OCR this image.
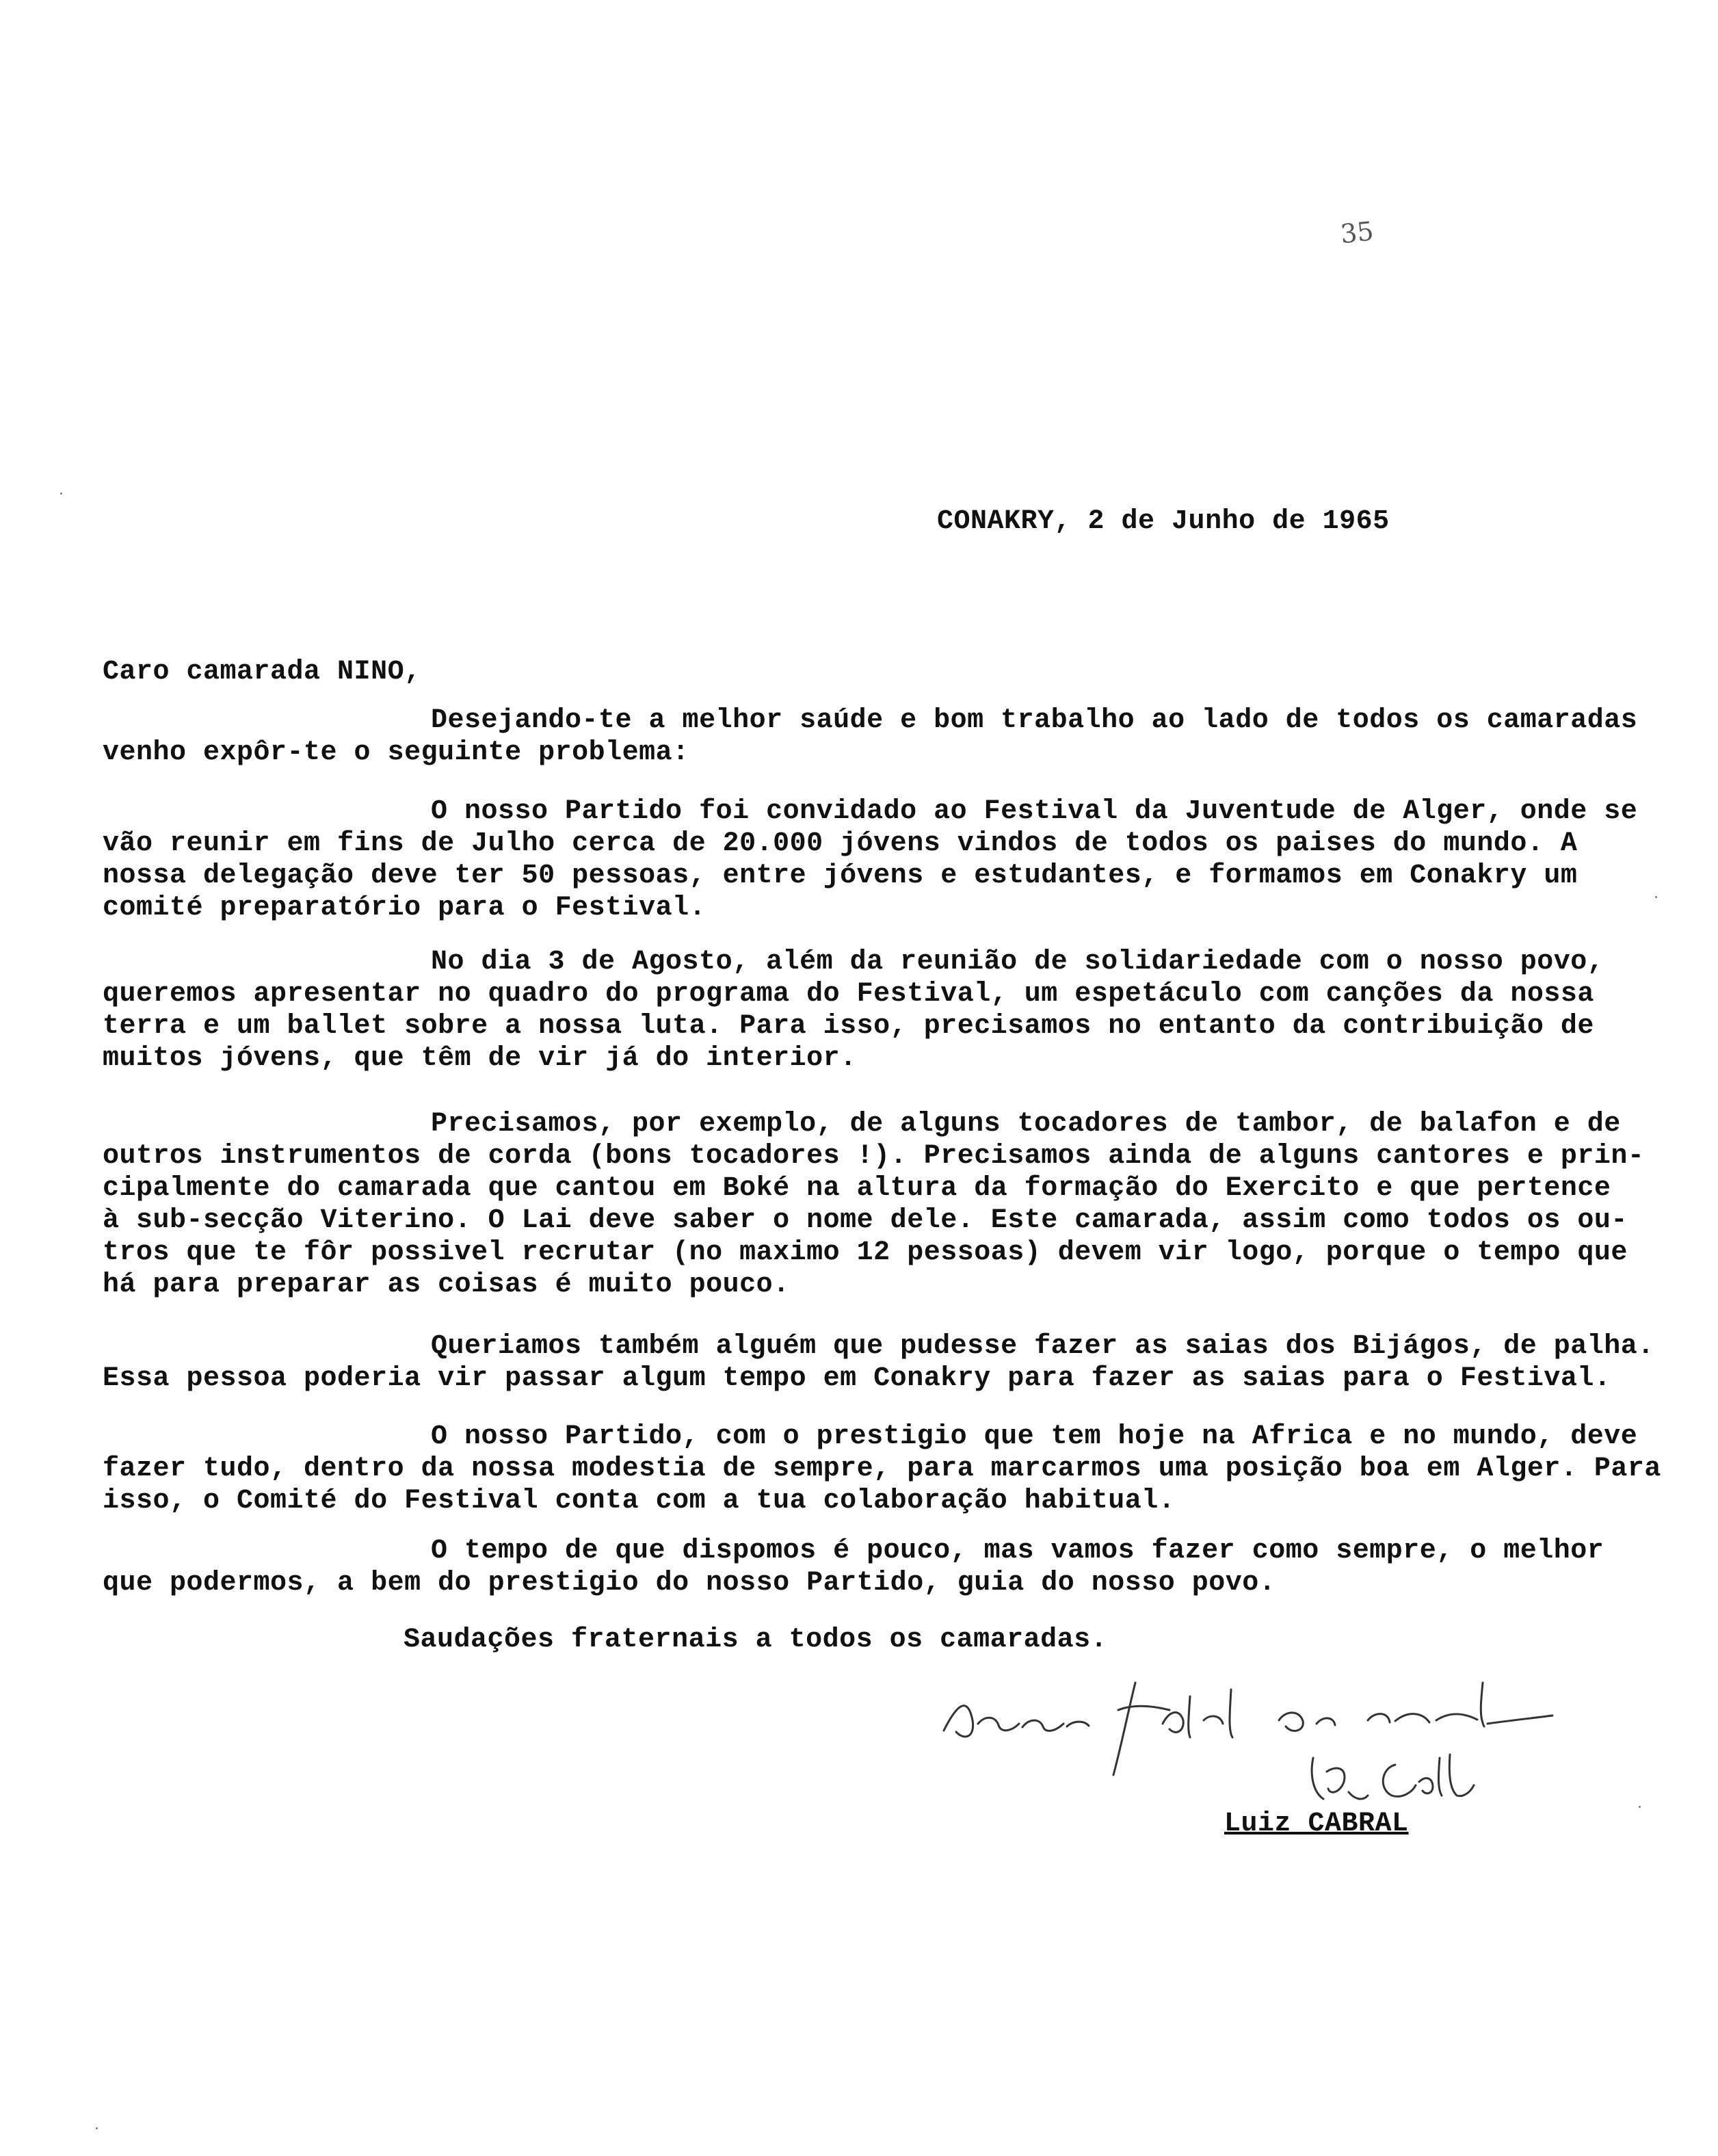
35
CONAKRY, 2 de Junho de 1965
Caro camarada NINO,
Desejando-te a melhor saúde e bom trabalho ao lado de todos os camaradas
venho expôr-te o seguinte problema:
O nosso Partido foi convidado ao Festival da Juventude de Alger, onde se
vão reunir em fins de Julho cerca de 20.000 jóvens vindos de todos os paises do mundo. A
nossa delegação deve ter 50 pessoas, entre jóvens e estudantes, e formamos em Conakry um
comité preparatório para o Festival.
No dia 3 de Agosto, além da reunião de solidariedade com o nosso povo,
queremos apresentar no quadro do programa do Festival, um espetáculo com canções da nossa
terra e um ballet sobre a nossa luta. Para isso, precisamos no entanto da contribuição de
muitos jóvens, que têm de vir já do interior.
Precisamos, por exemplo, de alguns tocadores de tambor, de balafon e de
outros instrumentos de corda (bons tocadores !). Precisamos ainda de alguns cantores e prin-
cipalmente do camarada que cantou em Boké na altura da formação do Exercito e que pertence
à sub-secção Viterino. O Lai deve saber o nome dele. Este camarada, assim como todos os ou-
tros que te fôr possivel recrutar (no maximo 12 pessoas) devem vir logo, porque o tempo que
há para preparar as coisas é muito pouco.
Queriamos também alguém que pudesse fazer as saias dos Bijágos, de palha.
Essa pessoa poderia vir passar algum tempo em Conakry para fazer as saias para o Festival.
O nosso Partido, com o prestigio que tem hoje na Africa e no mundo, deve
fazer tudo, dentro da nossa modestia de sempre, para marcarmos uma posição boa em Alger. Para
isso, o Comité do Festival conta com a tua colaboração habitual.
O tempo de que dispomos é pouco, mas vamos fazer como sempre, o melhor
que podermos, a bem do prestigio do nosso Partido, guia do nosso povo.
Saudações fraternais a todos os camaradas.
Luiz CABRAL
